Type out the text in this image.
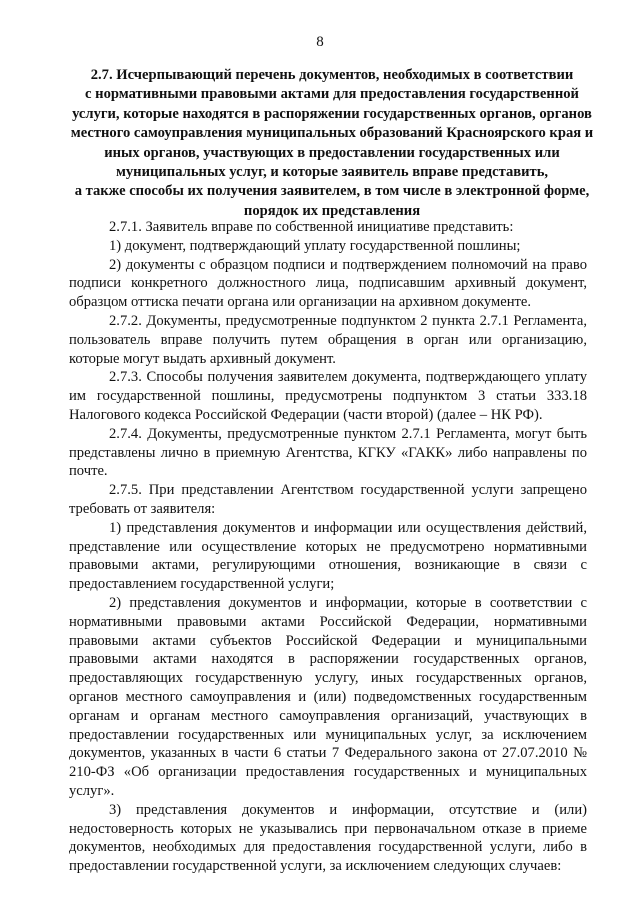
8
2.7. Исчерпывающий перечень документов, необходимых в соответствии
с нормативными правовыми актами для предоставления государственной
услуги, которые находятся в распоряжении государственных органов, органов
местного самоуправления муниципальных образований Красноярского края и
иных органов, участвующих в предоставлении государственных или
муниципальных услуг, и которые заявитель вправе представить,
а также способы их получения заявителем, в том числе в электронной форме,
порядок их представления

2.7.1. Заявитель вправе по собственной инициативе представить:

1) документ, подтверждающий уплату государственной пошлины;

2) документы с образцом подписи и подтверждением полномочий на право подписи конкретного должностного лица, подписавшим архивный документ, образцом оттиска печати органа или организации на архивном документе.

2.7.2. Документы, предусмотренные подпунктом 2 пункта 2.7.1 Регламента, пользователь вправе получить путем обращения в орган или организацию, которые могут выдать архивный документ.

2.7.3. Способы получения заявителем документа, подтверждающего уплату им государственной пошлины, предусмотрены подпунктом 3 статьи 333.18 Налогового кодекса Российской Федерации (части второй) (далее – НК РФ).

2.7.4. Документы, предусмотренные пунктом 2.7.1 Регламента, могут быть представлены лично в приемную Агентства, КГКУ «ГАКК» либо направлены по почте.

2.7.5. При представлении Агентством государственной услуги запрещено требовать от заявителя:

1) представления документов и информации или осуществления действий, представление или осуществление которых не предусмотрено нормативными правовыми актами, регулирующими отношения, возникающие в связи с предоставлением государственной услуги;

2) представления документов и информации, которые в соответствии с нормативными правовыми актами Российской Федерации, нормативными правовыми актами субъектов Российской Федерации и муниципальными правовыми актами находятся в распоряжении государственных органов, предоставляющих государственную услугу, иных государственных органов, органов местного самоуправления и (или) подведомственных государственным органам и органам местного самоуправления организаций, участвующих в предоставлении государственных или муниципальных услуг, за исключением документов, указанных в части 6 статьи 7 Федерального закона от 27.07.2010 № 210-ФЗ «Об организации предоставления государственных и муниципальных услуг».

3) представления документов и информации, отсутствие и (или) недостоверность которых не указывались при первоначальном отказе в приеме документов, необходимых для предоставления государственной услуги, либо в предоставлении государственной услуги, за исключением следующих случаев:
